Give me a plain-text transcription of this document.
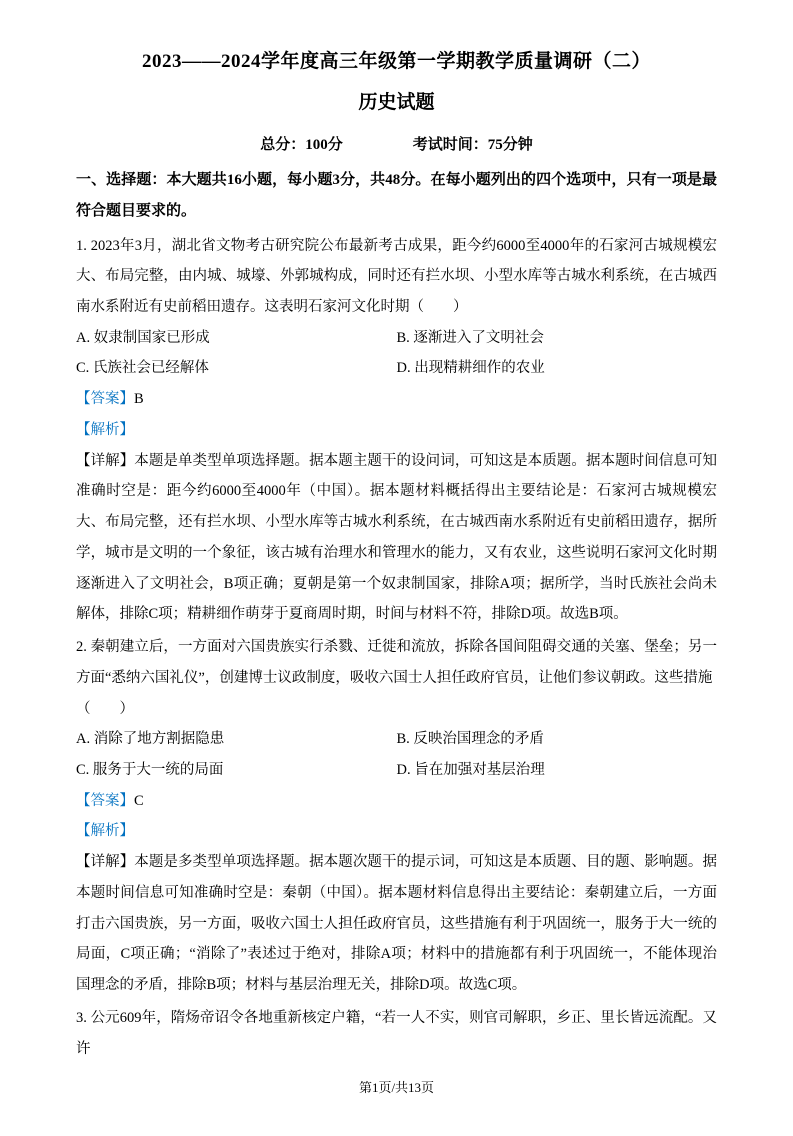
2023——2024学年度高三年级第一学期教学质量调研（二）
历史试题
总分：100分	考试时间：75分钟

一、选择题：本大题共16小题，每小题3分，共48分。在每小题列出的四个选项中，只有一项是最符合题目要求的。

1. 2023年3月，湖北省文物考古研究院公布最新考古成果，距今约6000至4000年的石家河古城规模宏大、布局完整，由内城、城壕、外郭城构成，同时还有拦水坝、小型水库等古城水利系统，在古城西南水系附近有史前稻田遗存。这表明石家河文化时期（　　）

A. 奴隶制国家已形成	B. 逐渐进入了文明社会
C. 氏族社会已经解体	D. 出现精耕细作的农业

【答案】B

【解析】

【详解】本题是单类型单项选择题。据本题主题干的设问词，可知这是本质题。据本题时间信息可知准确时空是：距今约6000至4000年（中国）。据本题材料概括得出主要结论是：石家河古城规模宏大、布局完整，还有拦水坝、小型水库等古城水利系统，在古城西南水系附近有史前稻田遗存，据所学，城市是文明的一个象征，该古城有治理水和管理水的能力，又有农业，这些说明石家河文化时期逐渐进入了文明社会，B项正确；夏朝是第一个奴隶制国家，排除A项；据所学，当时氏族社会尚未解体，排除C项；精耕细作萌芽于夏商周时期，时间与材料不符，排除D项。故选B项。

2. 秦朝建立后，一方面对六国贵族实行杀戮、迁徙和流放，拆除各国间阻碍交通的关塞、堡垒；另一方面“悉纳六国礼仪”，创建博士议政制度，吸收六国士人担任政府官员，让他们参议朝政。这些措施

（　　）

A. 消除了地方割据隐患	B. 反映治国理念的矛盾
C. 服务于大一统的局面	D. 旨在加强对基层治理

【答案】C

【解析】

【详解】本题是多类型单项选择题。据本题次题干的提示词，可知这是本质题、目的题、影响题。据本题时间信息可知准确时空是：秦朝（中国）。据本题材料信息得出主要结论：秦朝建立后，一方面打击六国贵族，另一方面，吸收六国士人担任政府官员，这些措施有利于巩固统一，服务于大一统的局面，C项正确；“消除了”表述过于绝对，排除A项；材料中的措施都有利于巩固统一，不能体现治国理念的矛盾，排除B项；材料与基层治理无关，排除D项。故选C项。

3. 公元609年，隋炀帝诏令各地重新核定户籍，“若一人不实，则官司解职，乡正、里长皆远流配。又许

第1页/共13页
